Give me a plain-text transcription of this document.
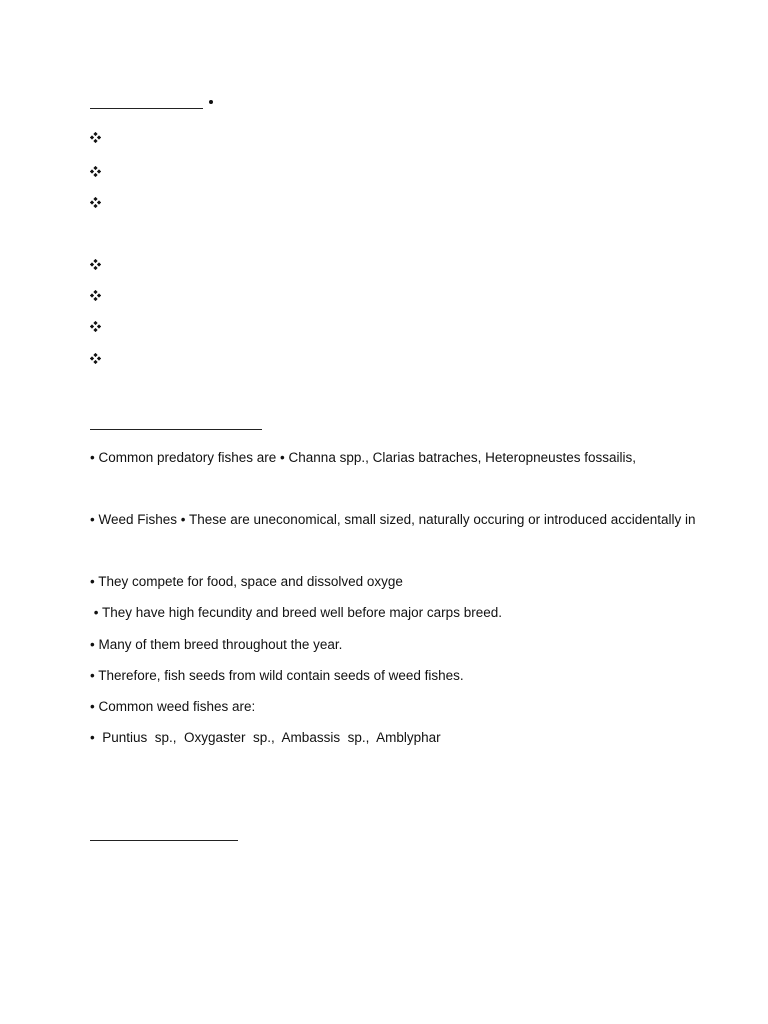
• Common predatory fishes are • Channa spp., Clarias batraches, Heteropneustes fossailis,
• Weed Fishes • These are uneconomical, small sized, naturally occuring or introduced accidentally in
• They compete for food, space and dissolved oxyge
• They have high fecundity and breed well before major carps breed.
• Many of them breed throughout the year.
• Therefore, fish seeds from wild contain seeds of weed fishes.
• Common weed fishes are:
•  Puntius  sp.,  Oxygaster  sp.,  Ambassis  sp.,  Amblyphar
